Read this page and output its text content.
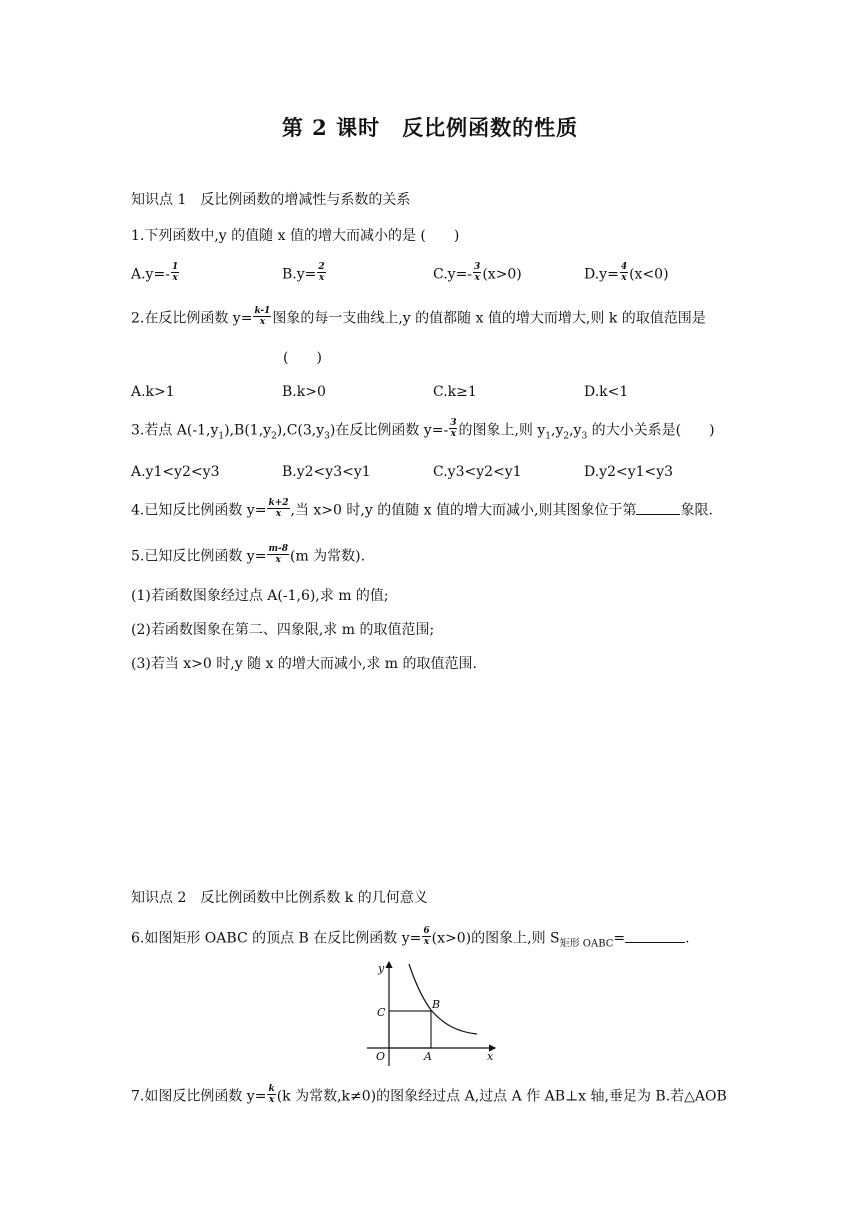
第 2 课时　反比例函数的性质
知识点 1　反比例函数的增减性与系数的关系
1.下列函数中,y 的值随 x 值的增大而减小的是 (　　)
$A.y=- \frac{1}{x}$	$B.y= \frac{2}{x}$	$C.y=- \frac{3}{x} (x>0)$	$D.y= \frac{4}{x} (x<0)$
2.在反比例函数 $y= \frac{k-1}{x}$ 图象的每一支曲线上,y 的值都随 x 值的增大而增大,则 k 的取值范围是
(　　)
A.k>1	B.k>0	C.k≥1	D.k<1
3.若点 $A(-1,y_1),B(1,y_2),C(3,y_3)$在反比例函数 $y=- \frac{3}{x}$ 的图象上,则 $y_1,y_2,y_3$ 的大小关系是(　　)
A.y1<y2<y3	B.y2<y3<y1	C.y3<y2<y1	D.y2<y1<y3
4.已知反比例函数 $y= \frac{k+2}{x}$ ,当 x>0 时,y 的值随 x 值的增大而减小,则其图象位于第	象限.
5.已知反比例函数 $y= \frac{m-8}{x} (m$ 为常数).
(1)若函数图象经过点 A(-1,6),求 m 的值;
(2)若函数图象在第二、四象限,求 m 的取值范围;
(3)若当 x>0 时,y 随 x 的增大而减小,求 m 的取值范围.
知识点 2　反比例函数中比例系数 k 的几何意义
6.如图矩形 OABC 的顶点 B 在反比例函数 $y= \frac{6}{x} (x>0)$的图象上,则 $S_{矩形 OABC}=$	.
y
x
O	A
B
C
7.如图反比例函数 $y= \frac{k}{x} (k$ 为常数,k≠0)的图象经过点 A,过点 A 作 AB⊥x 轴,垂足为 B.若△AOB
